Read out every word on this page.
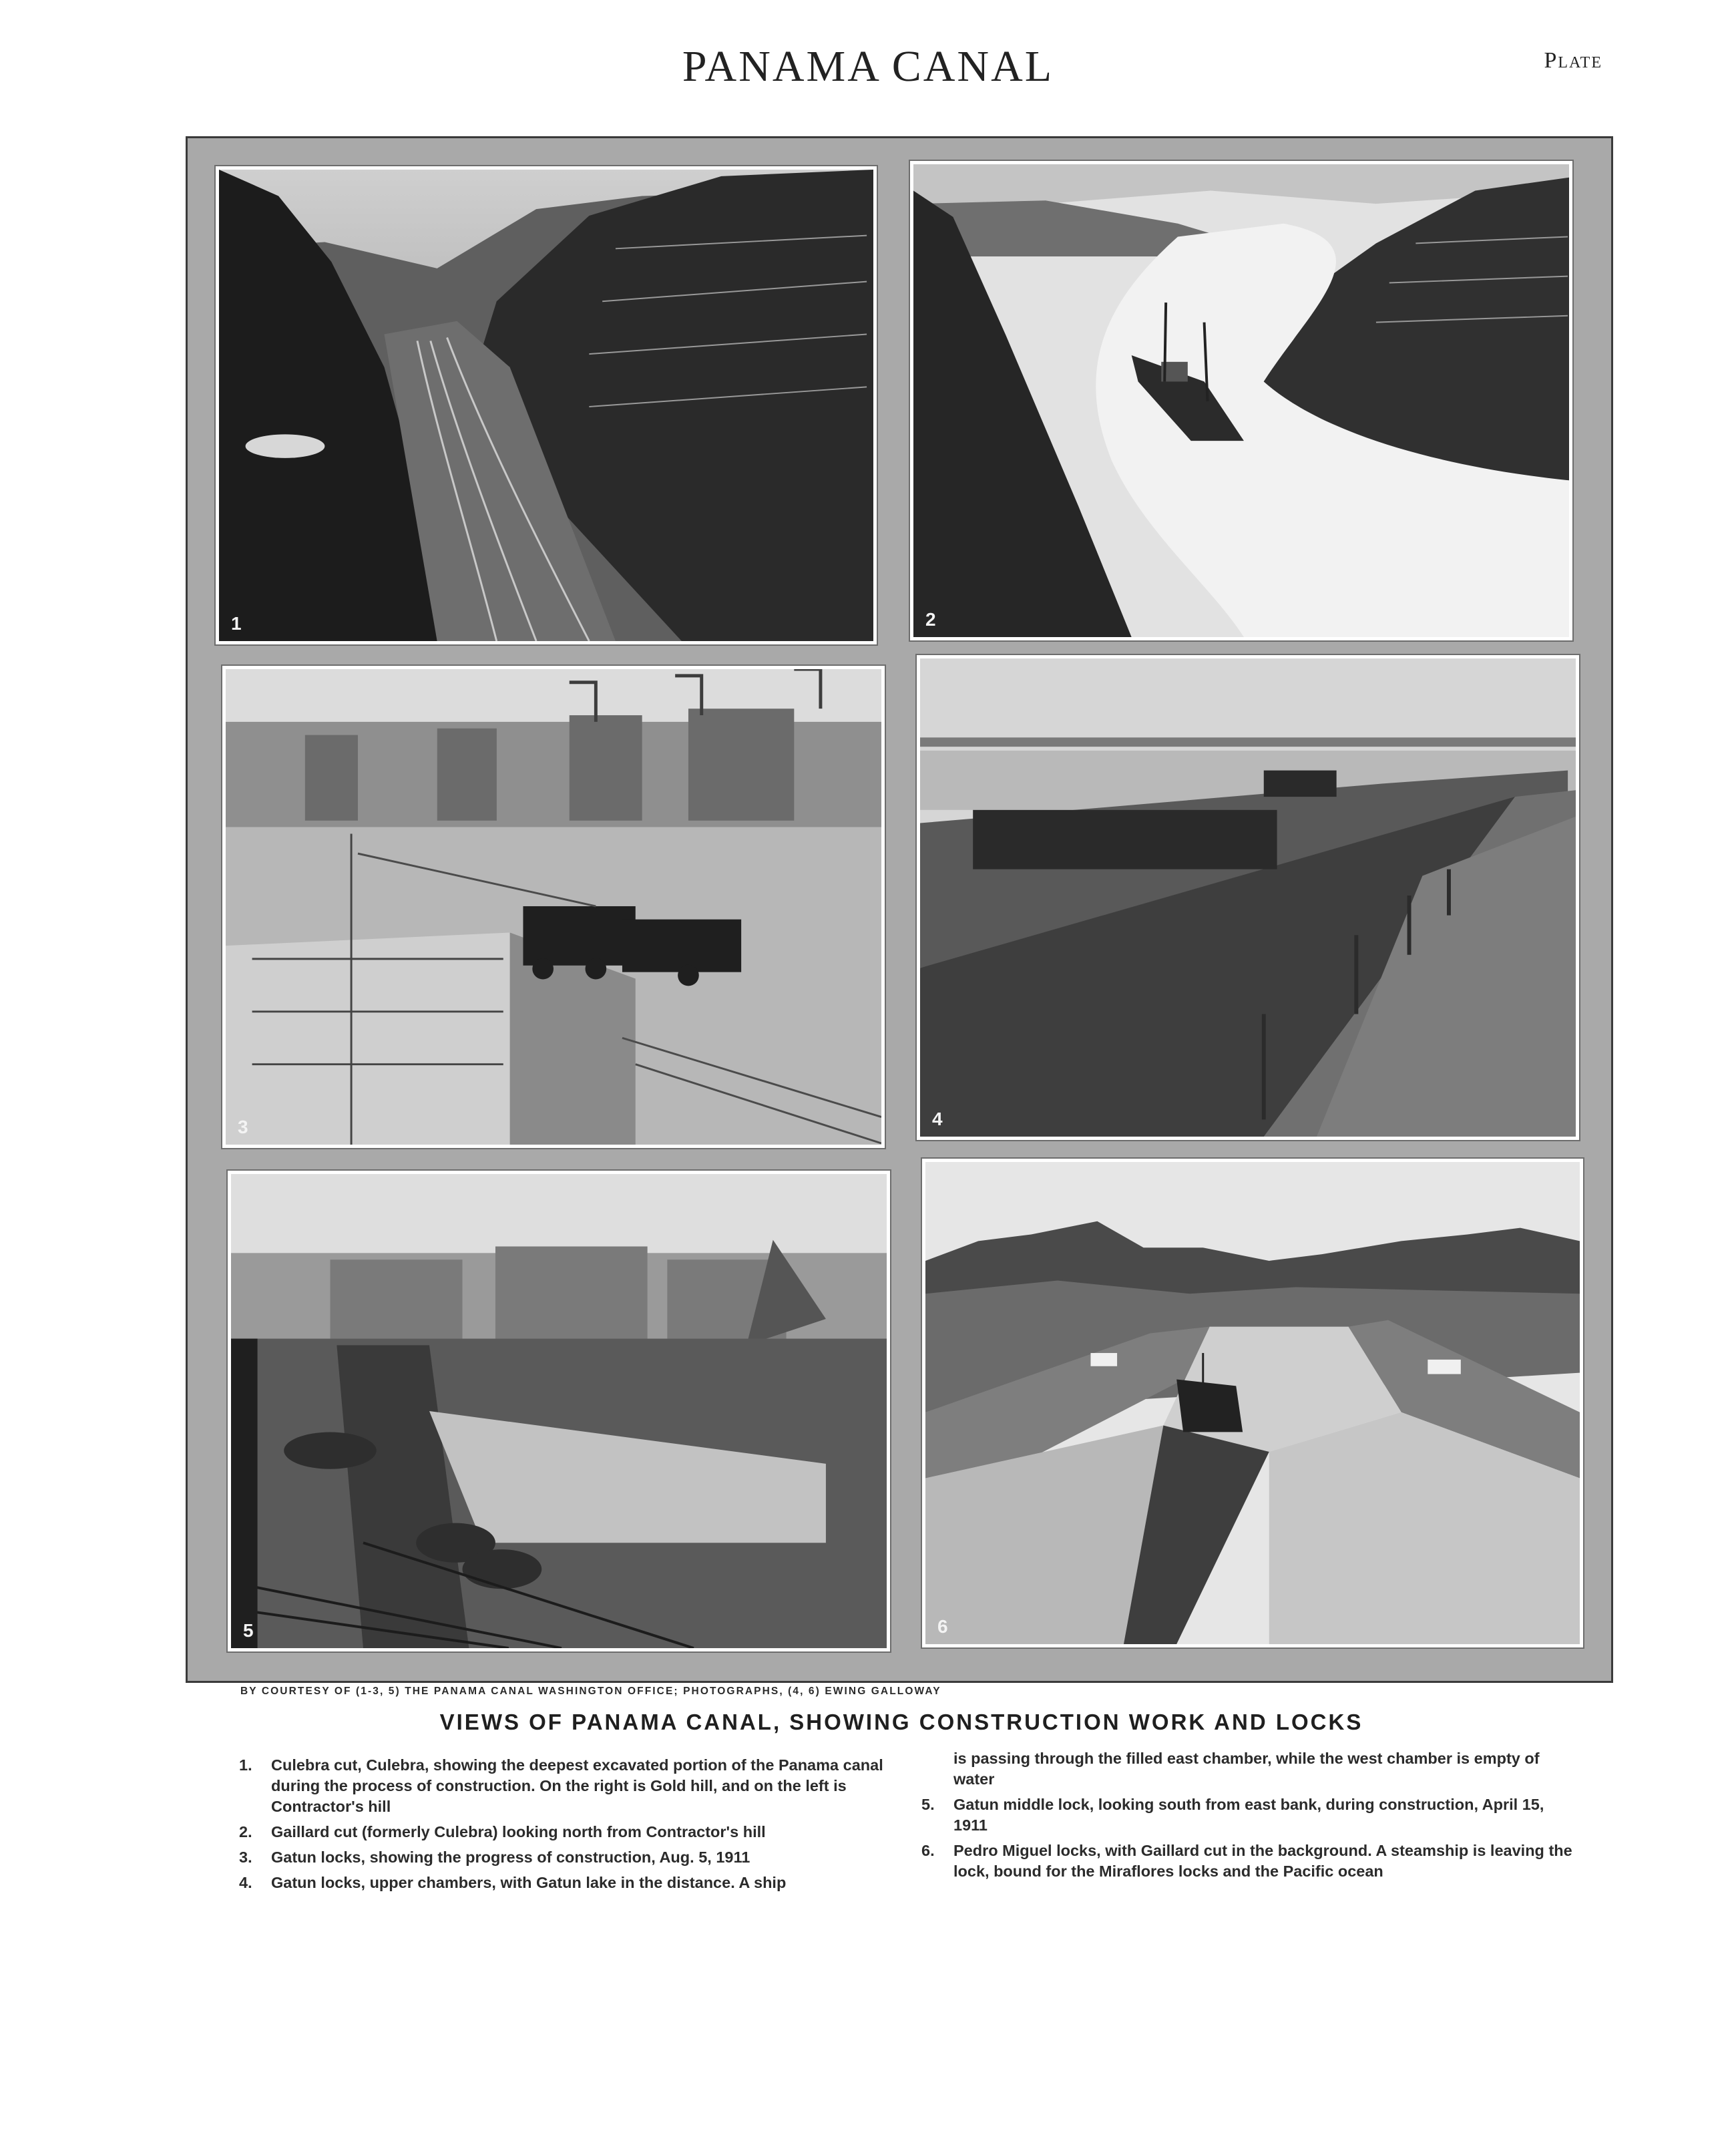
PANAMA CANAL	Plate
1	2
3	4
5	6
BY COURTESY OF (1-3, 5) THE PANAMA CANAL WASHINGTON OFFICE; PHOTOGRAPHS, (4, 6) EWING GALLOWAY
VIEWS OF PANAMA CANAL, SHOWING CONSTRUCTION WORK AND LOCKS
1.	Culebra cut, Culebra, showing the deepest excavated portion of the Panama canal during the process of construction. On the right is Gold hill, and on the left is Contractor's hill
2.	Gaillard cut (formerly Culebra) looking north from Contractor's hill
3.	Gatun locks, showing the progress of construction, Aug. 5, 1911
4.	Gatun locks, upper chambers, with Gatun lake in the distance. A ship
is passing through the filled east chamber, while the west chamber is empty of water
5.	Gatun middle lock, looking south from east bank, during construction, April 15, 1911
6.	Pedro Miguel locks, with Gaillard cut in the background. A steamship is leaving the lock, bound for the Miraflores locks and the Pacific ocean
